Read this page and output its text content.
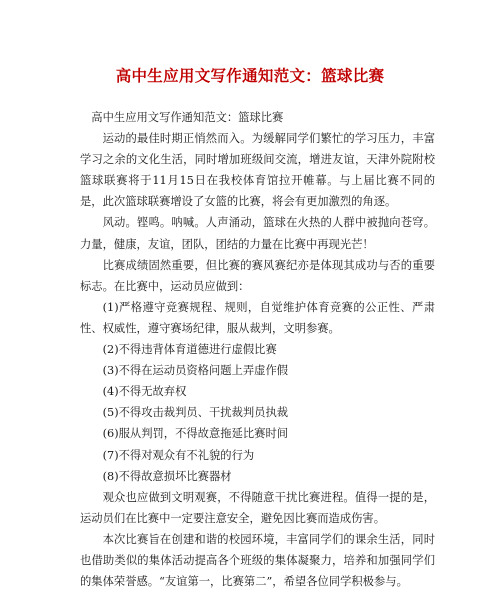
高中生应用文写作通知范文：篮球比赛

高中生应用文写作通知范文：篮球比赛

运动的最佳时期正悄然而入。为缓解同学们繁忙的学习压力，丰富学习之余的文化生活，同时增加班级间交流，增进友谊，天津外院附校篮球联赛将于11月15日在我校体育馆拉开帷幕。与上届比赛不同的是，此次篮球联赛增设了女篮的比赛，将会有更加激烈的角逐。

风动。铿鸣。呐喊。人声涌动，篮球在火热的人群中被抛向苍穹。力量，健康，友谊，团队，团结的力量在比赛中再现光芒！

比赛成绩固然重要，但比赛的赛风赛纪亦是体现其成功与否的重要标志。在比赛中，运动员应做到：

(1)严格遵守竞赛规程、规则，自觉维护体育竞赛的公正性、严肃性、权威性，遵守赛场纪律，服从裁判，文明参赛。

(2)不得违背体育道德进行虚假比赛

(3)不得在运动员资格问题上弄虚作假

(4)不得无故弃权

(5)不得攻击裁判员、干扰裁判员执裁

(6)服从判罚，不得故意拖延比赛时间

(7)不得对观众有不礼貌的行为

(8)不得故意损坏比赛器材

观众也应做到文明观赛，不得随意干扰比赛进程。值得一提的是，运动员们在比赛中一定要注意安全，避免因比赛而造成伤害。

本次比赛旨在创建和谐的校园环境，丰富同学们的课余生活，同时也借助类似的集体活动提高各个班级的集体凝聚力，培养和加强同学们的集体荣誉感。“友谊第一，比赛第二”，希望各位同学积极参与。
